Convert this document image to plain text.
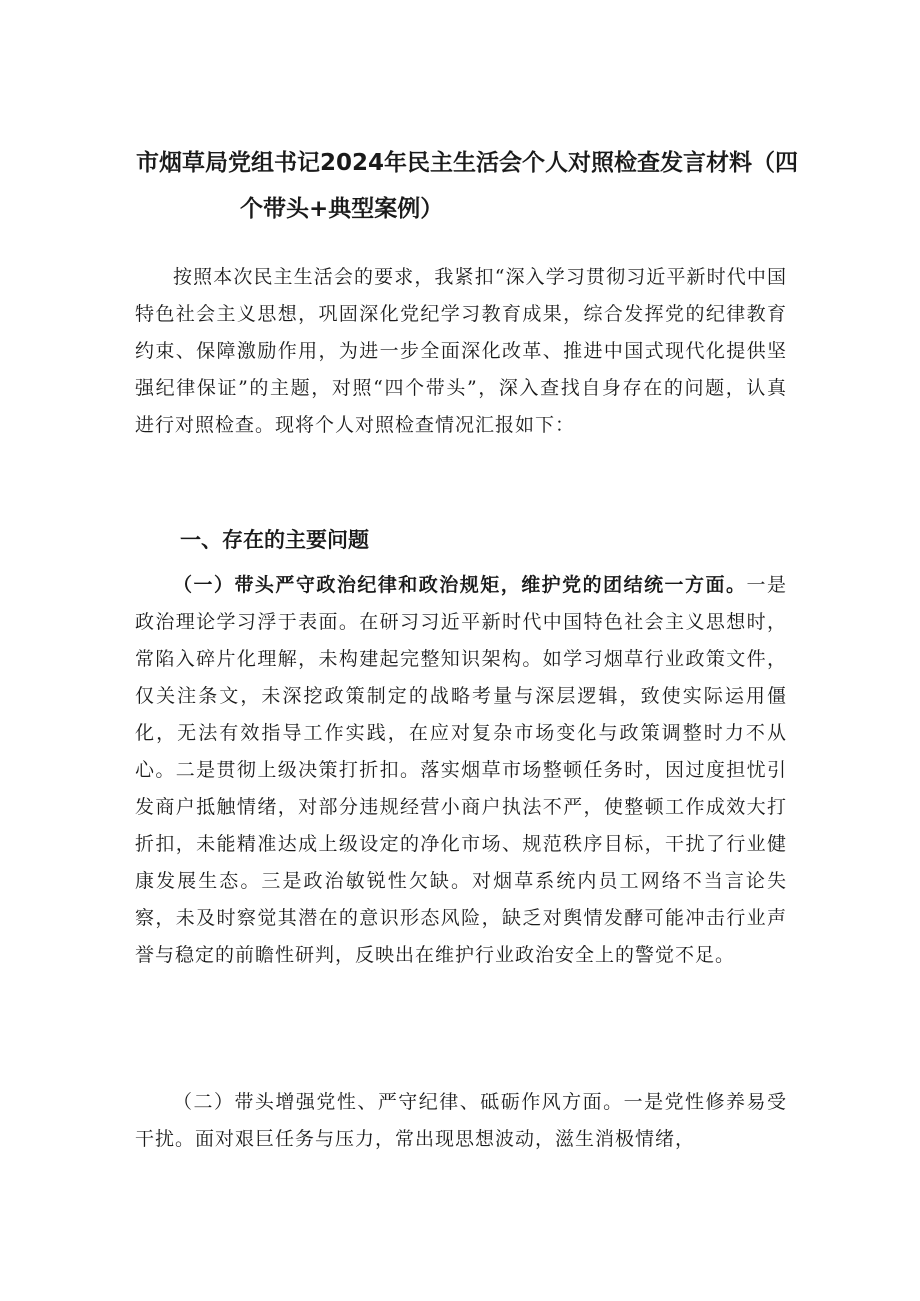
市烟草局党组书记2024年民主生活会个人对照检查发言材料（四
个带头+典型案例）

按照本次民主生活会的要求，我紧扣“深入学习贯彻习近平新时代中国特色社会主义思想，巩固深化党纪学习教育成果，综合发挥党的纪律教育约束、保障激励作用，为进一步全面深化改革、推进中国式现代化提供坚强纪律保证”的主题，对照“四个带头”，深入查找自身存在的问题，认真进行对照检查。现将个人对照检查情况汇报如下：

一、存在的主要问题

（一）带头严守政治纪律和政治规矩，维护党的团结统一方面。一是政治理论学习浮于表面。在研习习近平新时代中国特色社会主义思想时，常陷入碎片化理解，未构建起完整知识架构。如学习烟草行业政策文件，仅关注条文，未深挖政策制定的战略考量与深层逻辑，致使实际运用僵化，无法有效指导工作实践，在应对复杂市场变化与政策调整时力不从心。二是贯彻上级决策打折扣。落实烟草市场整顿任务时，因过度担忧引发商户抵触情绪，对部分违规经营小商户执法不严，使整顿工作成效大打折扣，未能精准达成上级设定的净化市场、规范秩序目标，干扰了行业健康发展生态。三是政治敏锐性欠缺。对烟草系统内员工网络不当言论失察，未及时察觉其潜在的意识形态风险，缺乏对舆情发酵可能冲击行业声誉与稳定的前瞻性研判，反映出在维护行业政治安全上的警觉不足。

（二）带头增强党性、严守纪律、砥砺作风方面。一是党性修养易受干扰。面对艰巨任务与压力，常出现思想波动，滋生消极情绪，
